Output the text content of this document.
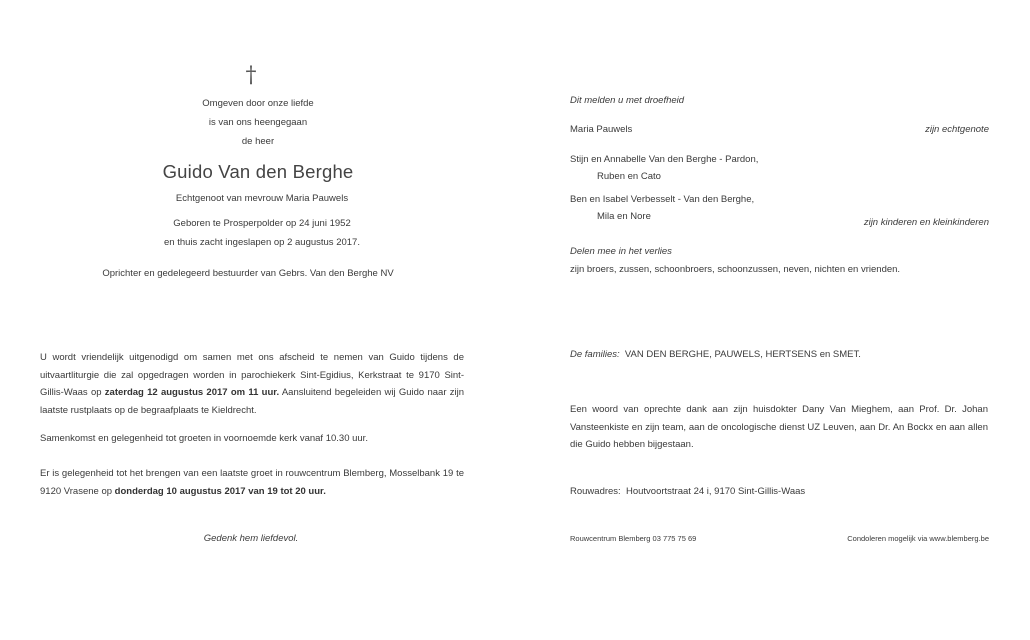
†
Omgeven door onze liefde
is van ons heengegaan
de heer
Guido Van den Berghe
Echtgenoot van mevrouw Maria Pauwels
Geboren te Prosperpolder op 24 juni 1952
en thuis zacht ingeslapen op 2 augustus 2017.
Oprichter en gedelegeerd bestuurder van Gebrs. Van den Berghe NV
U wordt vriendelijk uitgenodigd om samen met ons afscheid te nemen van Guido tijdens de uitvaartliturgie die zal opgedragen worden in parochiekerk Sint-Egidius, Kerkstraat te 9170 Sint-Gillis-Waas op zaterdag 12 augustus 2017 om 11 uur. Aansluitend begeleiden wij Guido naar zijn laatste rustplaats op de begraafplaats te Kieldrecht.
Samenkomst en gelegenheid tot groeten in voornoemde kerk vanaf 10.30 uur.
Er is gelegenheid tot het brengen van een laatste groet in rouwcentrum Blemberg, Mosselbank 19 te 9120 Vrasene op donderdag 10 augustus 2017 van 19 tot 20 uur.
Gedenk hem liefdevol.
Dit melden u met droefheid
Maria Pauwels	zijn echtgenote
Stijn en Annabelle Van den Berghe - Pardon,
Ruben en Cato
Ben en Isabel Verbesselt - Van den Berghe,
Mila en Nore
zijn kinderen en kleinkinderen
Delen mee in het verlies
zijn broers, zussen, schoonbroers, schoonzussen, neven, nichten en vrienden.
De families: VAN DEN BERGHE, PAUWELS, HERTSENS en SMET.
Een woord van oprechte dank aan zijn huisdokter Dany Van Mieghem, aan Prof. Dr. Johan Vansteenkiste en zijn team, aan de oncologische dienst UZ Leuven, aan Dr. An Bockx en aan allen die Guido hebben bijgestaan.
Rouwadres: Houtvoortstraat 24 i, 9170 Sint-Gillis-Waas
Rouwcentrum Blemberg 03 775 75 69	Condoleren mogelijk via www.blemberg.be
